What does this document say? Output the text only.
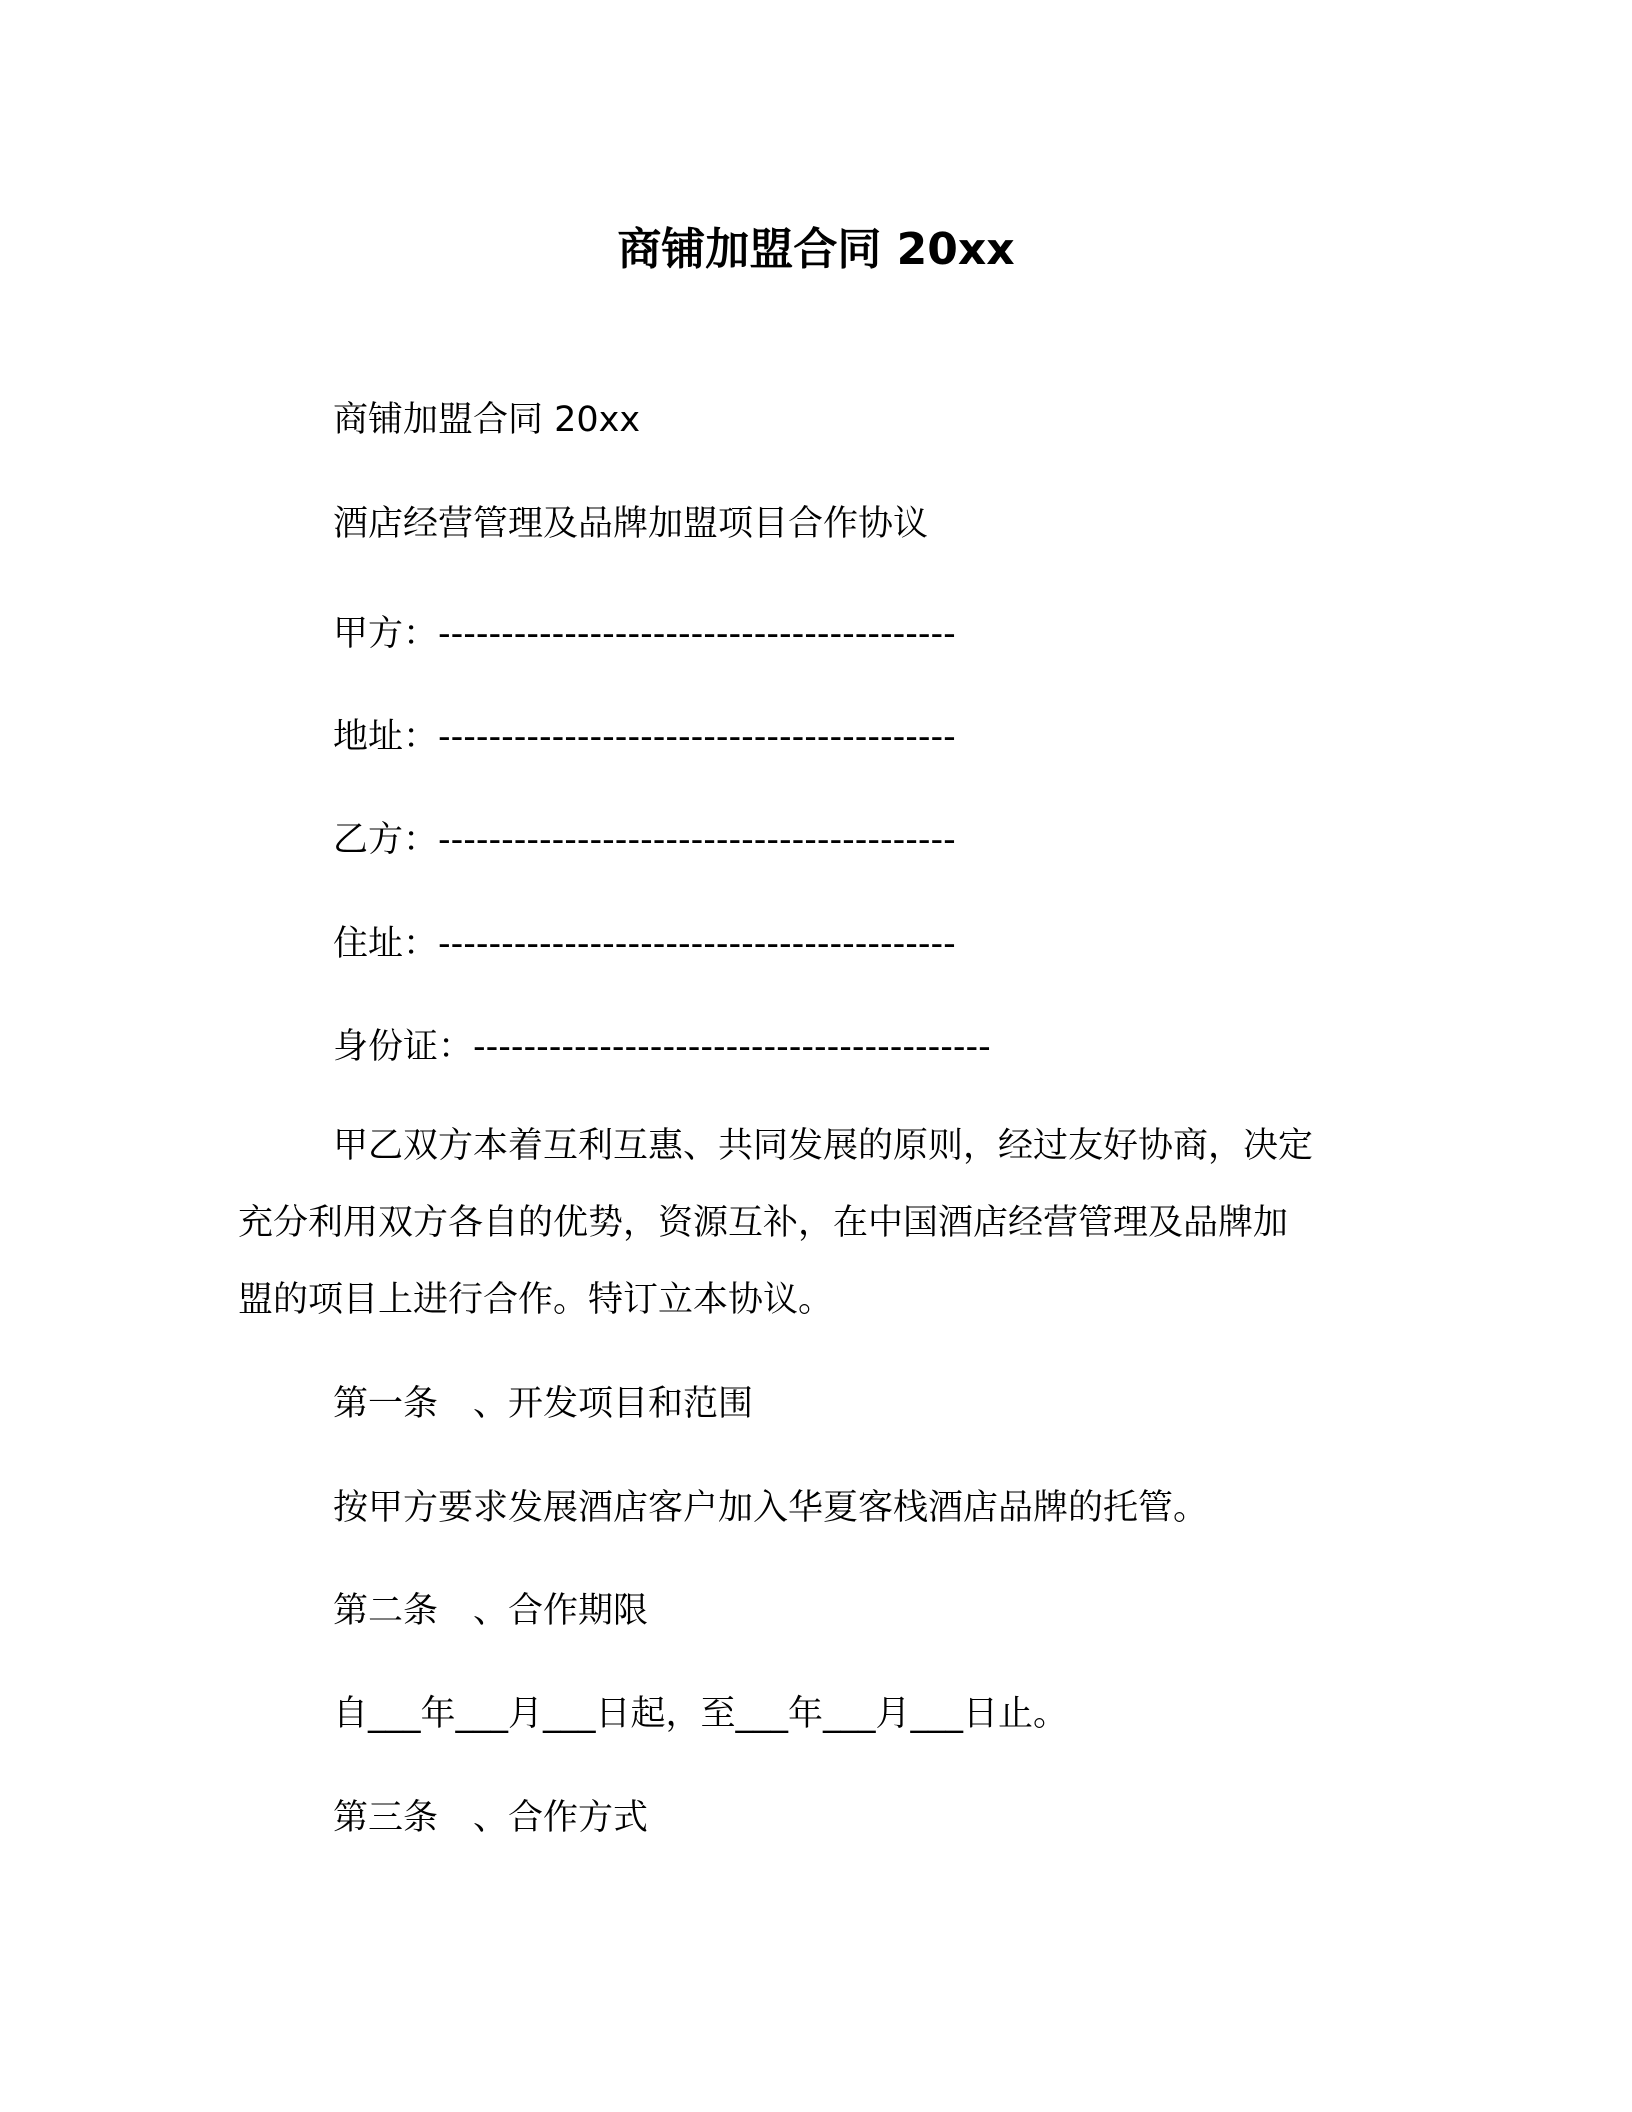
商铺加盟合同 20xx
商铺加盟合同 20xx
酒店经营管理及品牌加盟项目合作协议
甲方：-----------------------------------------
地址：-----------------------------------------
乙方：-----------------------------------------
住址：-----------------------------------------
身份证：-----------------------------------------
甲乙双方本着互利互惠、共同发展的原则，经过友好协商，决定
充分利用双方各自的优势，资源互补，在中国酒店经营管理及品牌加
盟的项目上进行合作。特订立本协议。
第一条　、开发项目和范围
按甲方要求发展酒店客户加入华夏客栈酒店品牌的托管。
第二条　、合作期限
自___年___月___日起，至___年___月___日止。
第三条　、合作方式
